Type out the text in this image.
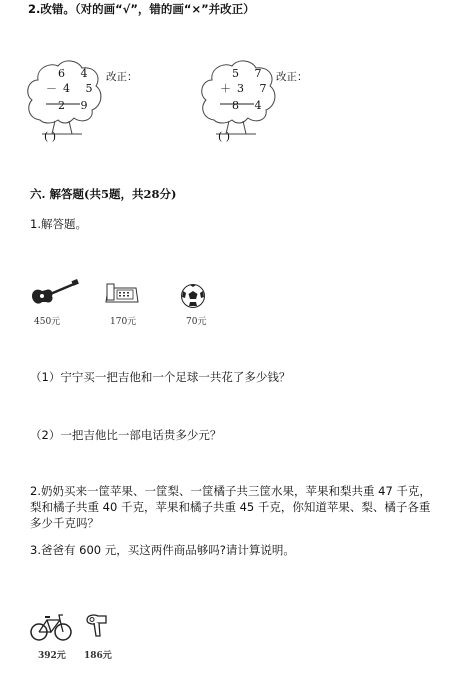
2.改错。（对的画“√”，错的画“×”并改正）
6 4
－4 5
2 9
( )
改正：	5 7
＋3 7
8 4
( )
改正：
六. 解答题(共5题，共28分)
1.解答题。
450元	170元	70元
（1）宁宁买一把吉他和一个足球一共花了多少钱？
（2）一把吉他比一部电话贵多少元？
2.奶奶买来一筐苹果、一筐梨、一筐橘子共三筐水果，苹果和梨共重 47 千克，
梨和橘子共重 40 千克，苹果和橘子共重 45 千克，你知道苹果、梨、橘子各重
多少千克吗？
3.爸爸有 600 元，买这两件商品够吗?请计算说明。
392元 186元
